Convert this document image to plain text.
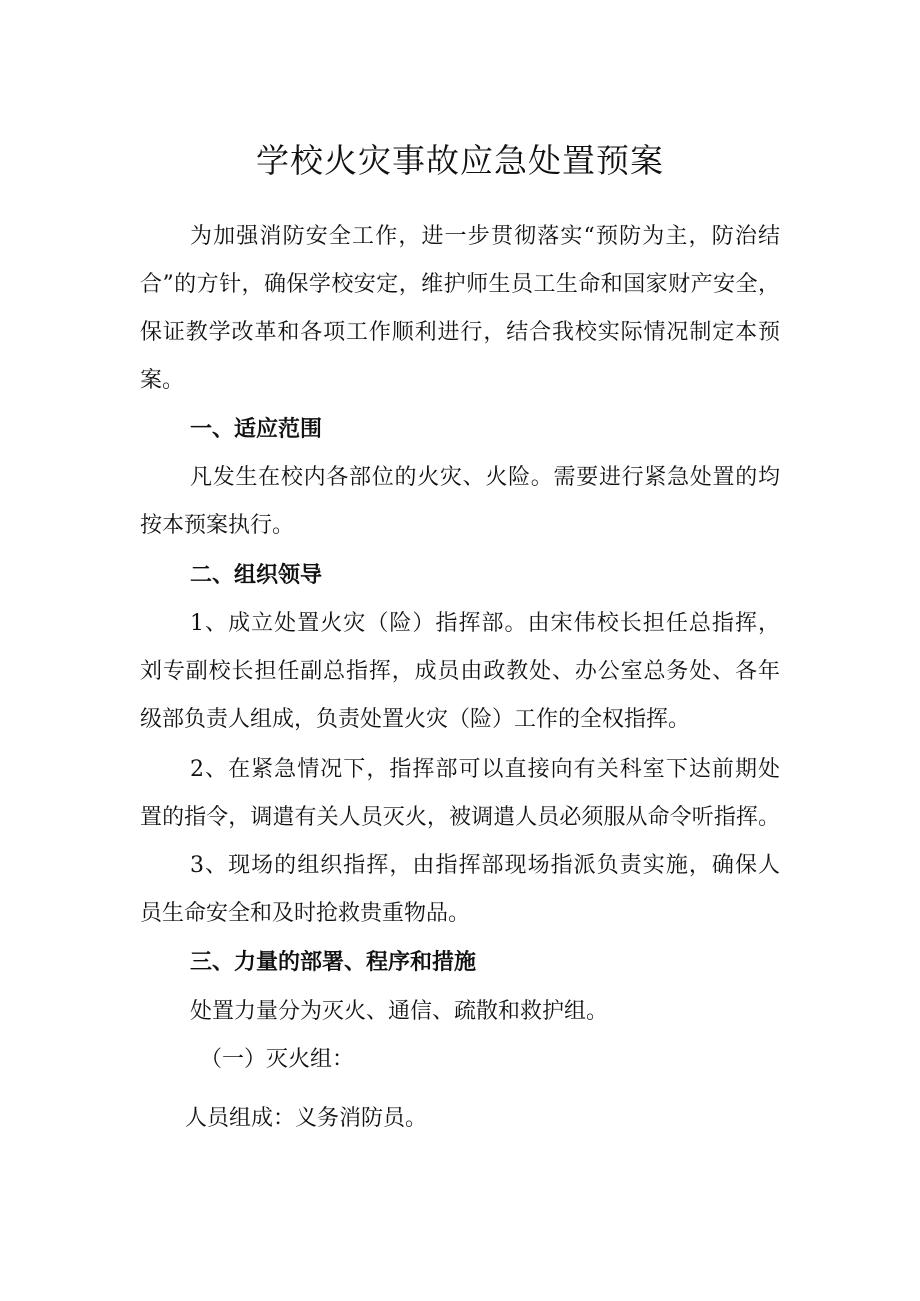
学校火灾事故应急处置预案

为加强消防安全工作，进一步贯彻落实“预防为主，防治结

合”的方针，确保学校安定，维护师生员工生命和国家财产安全，

保证教学改革和各项工作顺利进行，结合我校实际情况制定本预

案。

一、适应范围

凡发生在校内各部位的火灾、火险。需要进行紧急处置的均

按本预案执行。

二、组织领导

1、成立处置火灾（险）指挥部。由宋伟校长担任总指挥，

刘专副校长担任副总指挥，成员由政教处、办公室总务处、各年

级部负责人组成，负责处置火灾（险）工作的全权指挥。

2、在紧急情况下，指挥部可以直接向有关科室下达前期处

置的指令，调遣有关人员灭火，被调遣人员必须服从命令听指挥。

3、现场的组织指挥，由指挥部现场指派负责实施，确保人

员生命安全和及时抢救贵重物品。

三、力量的部署、程序和措施

处置力量分为灭火、通信、疏散和救护组。

（一）灭火组：

人员组成：义务消防员。
